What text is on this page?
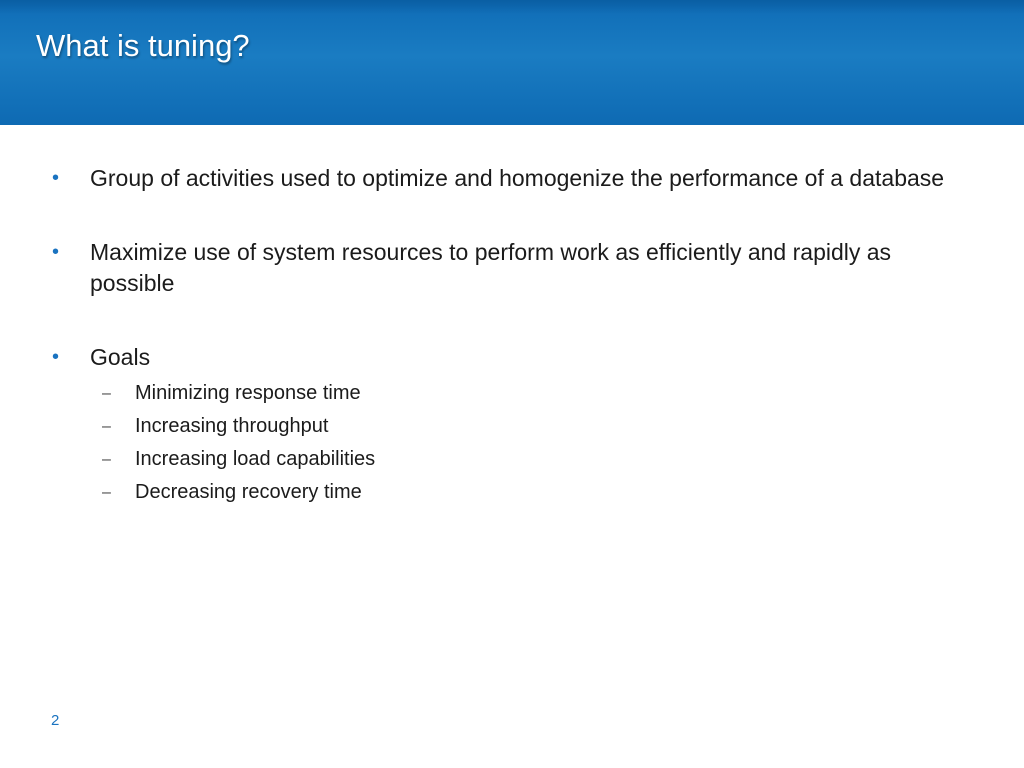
What is tuning?
• Group of activities used to optimize and homogenize the performance of a database
• Maximize use of system resources to perform work as efficiently and rapidly as possible
• Goals
– Minimizing response time
– Increasing throughput
– Increasing load capabilities
– Decreasing recovery time
2
